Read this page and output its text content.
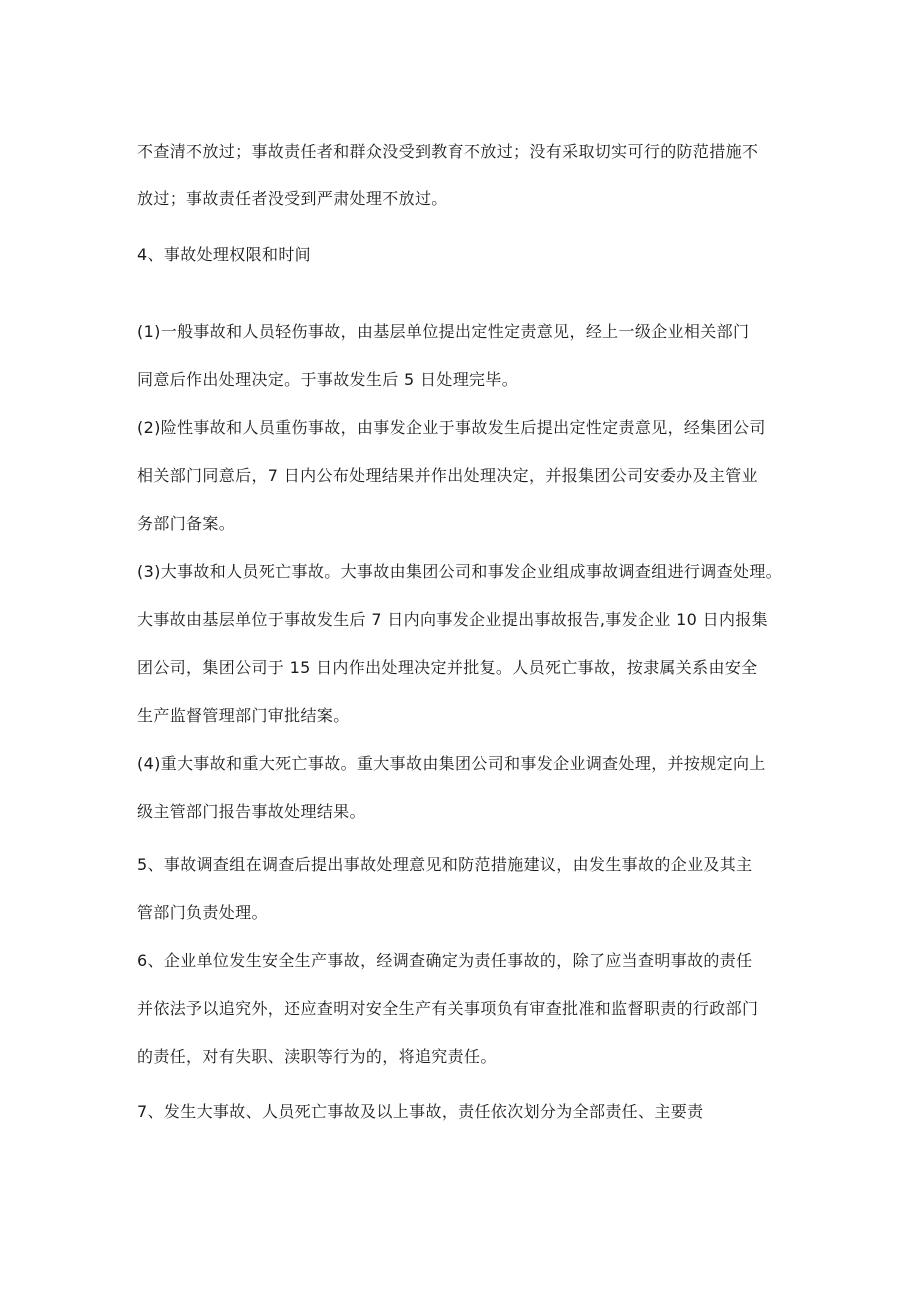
不查清不放过；事故责任者和群众没受到教育不放过；没有采取切实可行的防范措施不
放过；事故责任者没受到严肃处理不放过。
4、事故处理权限和时间
(1)一般事故和人员轻伤事故，由基层单位提出定性定责意见，经上一级企业相关部门
同意后作出处理决定。于事故发生后 5 日处理完毕。
(2)险性事故和人员重伤事故，由事发企业于事故发生后提出定性定责意见，经集团公司
相关部门同意后，7 日内公布处理结果并作出处理决定，并报集团公司安委办及主管业
务部门备案。
(3)大事故和人员死亡事故。大事故由集团公司和事发企业组成事故调查组进行调查处理。
大事故由基层单位于事故发生后 7 日内向事发企业提出事故报告,事发企业 10 日内报集
团公司，集团公司于 15 日内作出处理决定并批复。人员死亡事故，按隶属关系由安全
生产监督管理部门审批结案。
(4)重大事故和重大死亡事故。重大事故由集团公司和事发企业调查处理，并按规定向上
级主管部门报告事故处理结果。
5、事故调查组在调查后提出事故处理意见和防范措施建议，由发生事故的企业及其主
管部门负责处理。
6、企业单位发生安全生产事故，经调查确定为责任事故的，除了应当查明事故的责任
并依法予以追究外，还应查明对安全生产有关事项负有审查批准和监督职责的行政部门
的责任，对有失职、渎职等行为的，将追究责任。
7、发生大事故、人员死亡事故及以上事故，责任依次划分为全部责任、主要责
